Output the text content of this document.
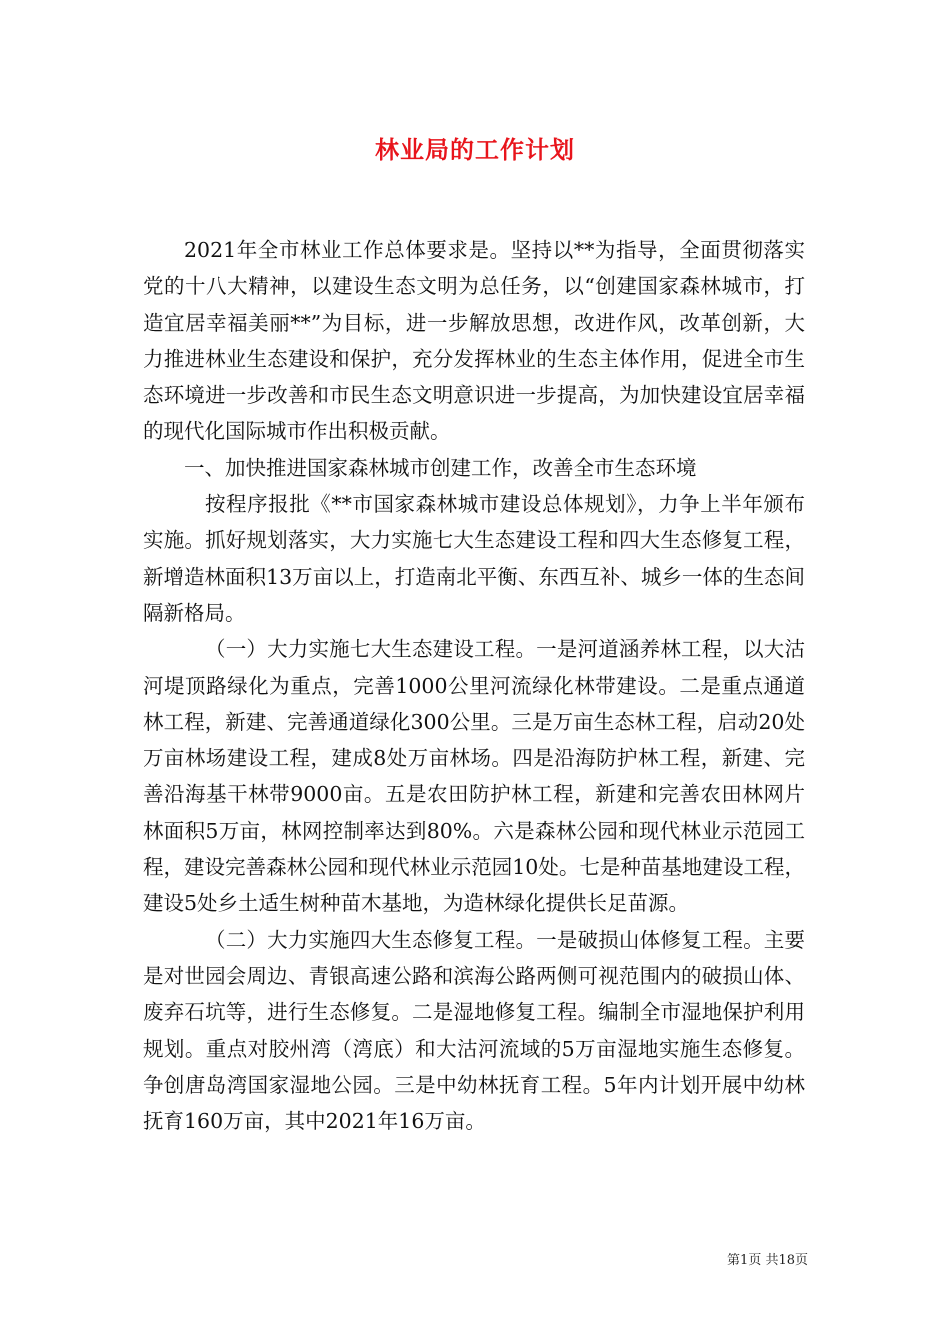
林业局的工作计划

2021年全市林业工作总体要求是。坚持以**为指导，全面贯彻落实党的十八大精神，以建设生态文明为总任务，以“创建国家森林城市，打造宜居幸福美丽**”为目标，进一步解放思想，改进作风，改革创新，大力推进林业生态建设和保护，充分发挥林业的生态主体作用，促进全市生态环境进一步改善和市民生态文明意识进一步提高，为加快建设宜居幸福的现代化国际城市作出积极贡献。

一、加快推进国家森林城市创建工作，改善全市生态环境

按程序报批《**市国家森林城市建设总体规划》，力争上半年颁布实施。抓好规划落实，大力实施七大生态建设工程和四大生态修复工程，新增造林面积13万亩以上，打造南北平衡、东西互补、城乡一体的生态间隔新格局。

（一）大力实施七大生态建设工程。一是河道涵养林工程，以大沽河堤顶路绿化为重点，完善1000公里河流绿化林带建设。二是重点通道林工程，新建、完善通道绿化300公里。三是万亩生态林工程，启动20处万亩林场建设工程，建成8处万亩林场。四是沿海防护林工程，新建、完善沿海基干林带9000亩。五是农田防护林工程，新建和完善农田林网片林面积5万亩，林网控制率达到80%。六是森林公园和现代林业示范园工程，建设完善森林公园和现代林业示范园10处。七是种苗基地建设工程，建设5处乡土适生树种苗木基地，为造林绿化提供长足苗源。

（二）大力实施四大生态修复工程。一是破损山体修复工程。主要是对世园会周边、青银高速公路和滨海公路两侧可视范围内的破损山体、废弃石坑等，进行生态修复。二是湿地修复工程。编制全市湿地保护利用规划。重点对胶州湾（湾底）和大沽河流域的5万亩湿地实施生态修复。争创唐岛湾国家湿地公园。三是中幼林抚育工程。5年内计划开展中幼林抚育160万亩，其中2021年16万亩。

第1页 共18页
